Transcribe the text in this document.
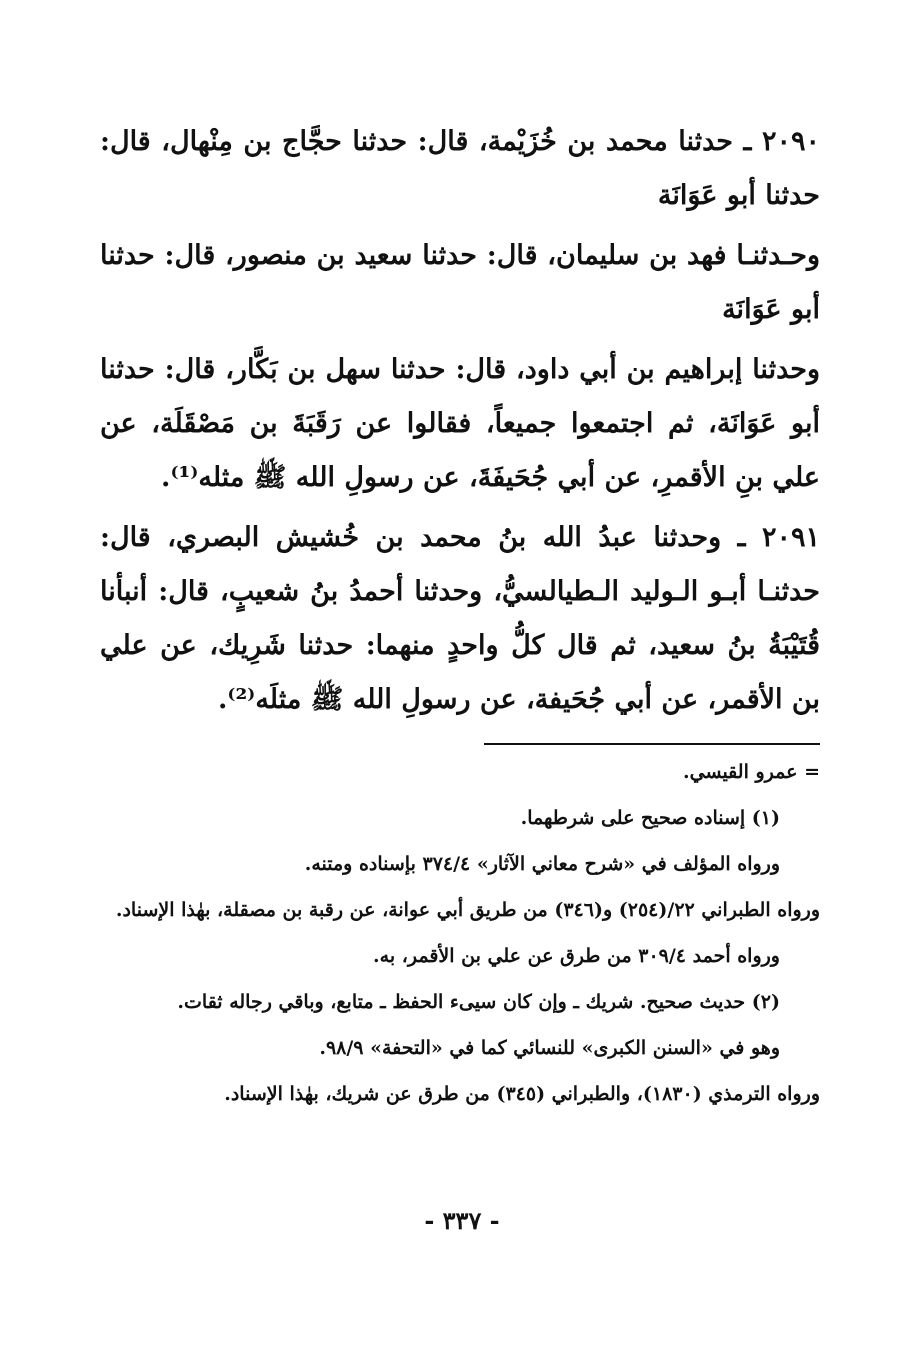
٢٠٩٠ ـ حدثنا محمد بن خُزَيْمة، قال: حدثنا حجَّاج بن مِنْهال، قال: حدثنا أبو عَوَانَة

وحـدثنـا فهد بن سليمان، قال: حدثنا سعيد بن منصور، قال: حدثنا أبو عَوَانَة

وحدثنا إبراهيم بن أبي داود، قال: حدثنا سهل بن بَكَّار، قال: حدثنا أبو عَوَانَة، ثم اجتمعوا جميعاً، فقالوا عن رَقَبَةَ بن مَصْقَلَة، عن علي بنِ الأقمرِ، عن أبي جُحَيفَةَ، عن رسولِ الله ﷺ مثله⁽¹⁾.

٢٠٩١ ـ وحدثنا عبدُ الله بنُ محمد بن خُشيش البصري، قال: حدثنـا أبـو الـوليد الـطيالسيُّ، وحدثنا أحمدُ بنُ شعيبٍ، قال: أنبأنا قُتَيْبَةُ بنُ سعيد، ثم قال كلُّ واحدٍ منهما: حدثنا شَرِيك، عن علي بن الأقمر، عن أبي جُحَيفة، عن رسولِ الله ﷺ مثلَه⁽²⁾.

= عمرو القيسي.

(١) إسناده صحيح على شرطهما.

ورواه المؤلف في «شرح معاني الآثار» ٣٧٤/٤ بإسناده ومتنه.

ورواه الطبراني ٢٢/(٢٥٤) و(٣٤٦) من طريق أبي عوانة، عن رقبة بن مصقلة، بهٰذا الإسناد.

ورواه أحمد ٣٠٩/٤ من طرق عن علي بن الأقمر، به.

(٢) حديث صحيح. شريك ـ وإن كان سيىء الحفظ ـ متابع، وباقي رجاله ثقات.

وهو في «السنن الكبرى» للنسائي كما في «التحفة» ٩٨/٩.

ورواه الترمذي (١٨٣٠)، والطبراني (٣٤٥) من طرق عن شريك، بهٰذا الإسناد.

- ٣٣٧ -
